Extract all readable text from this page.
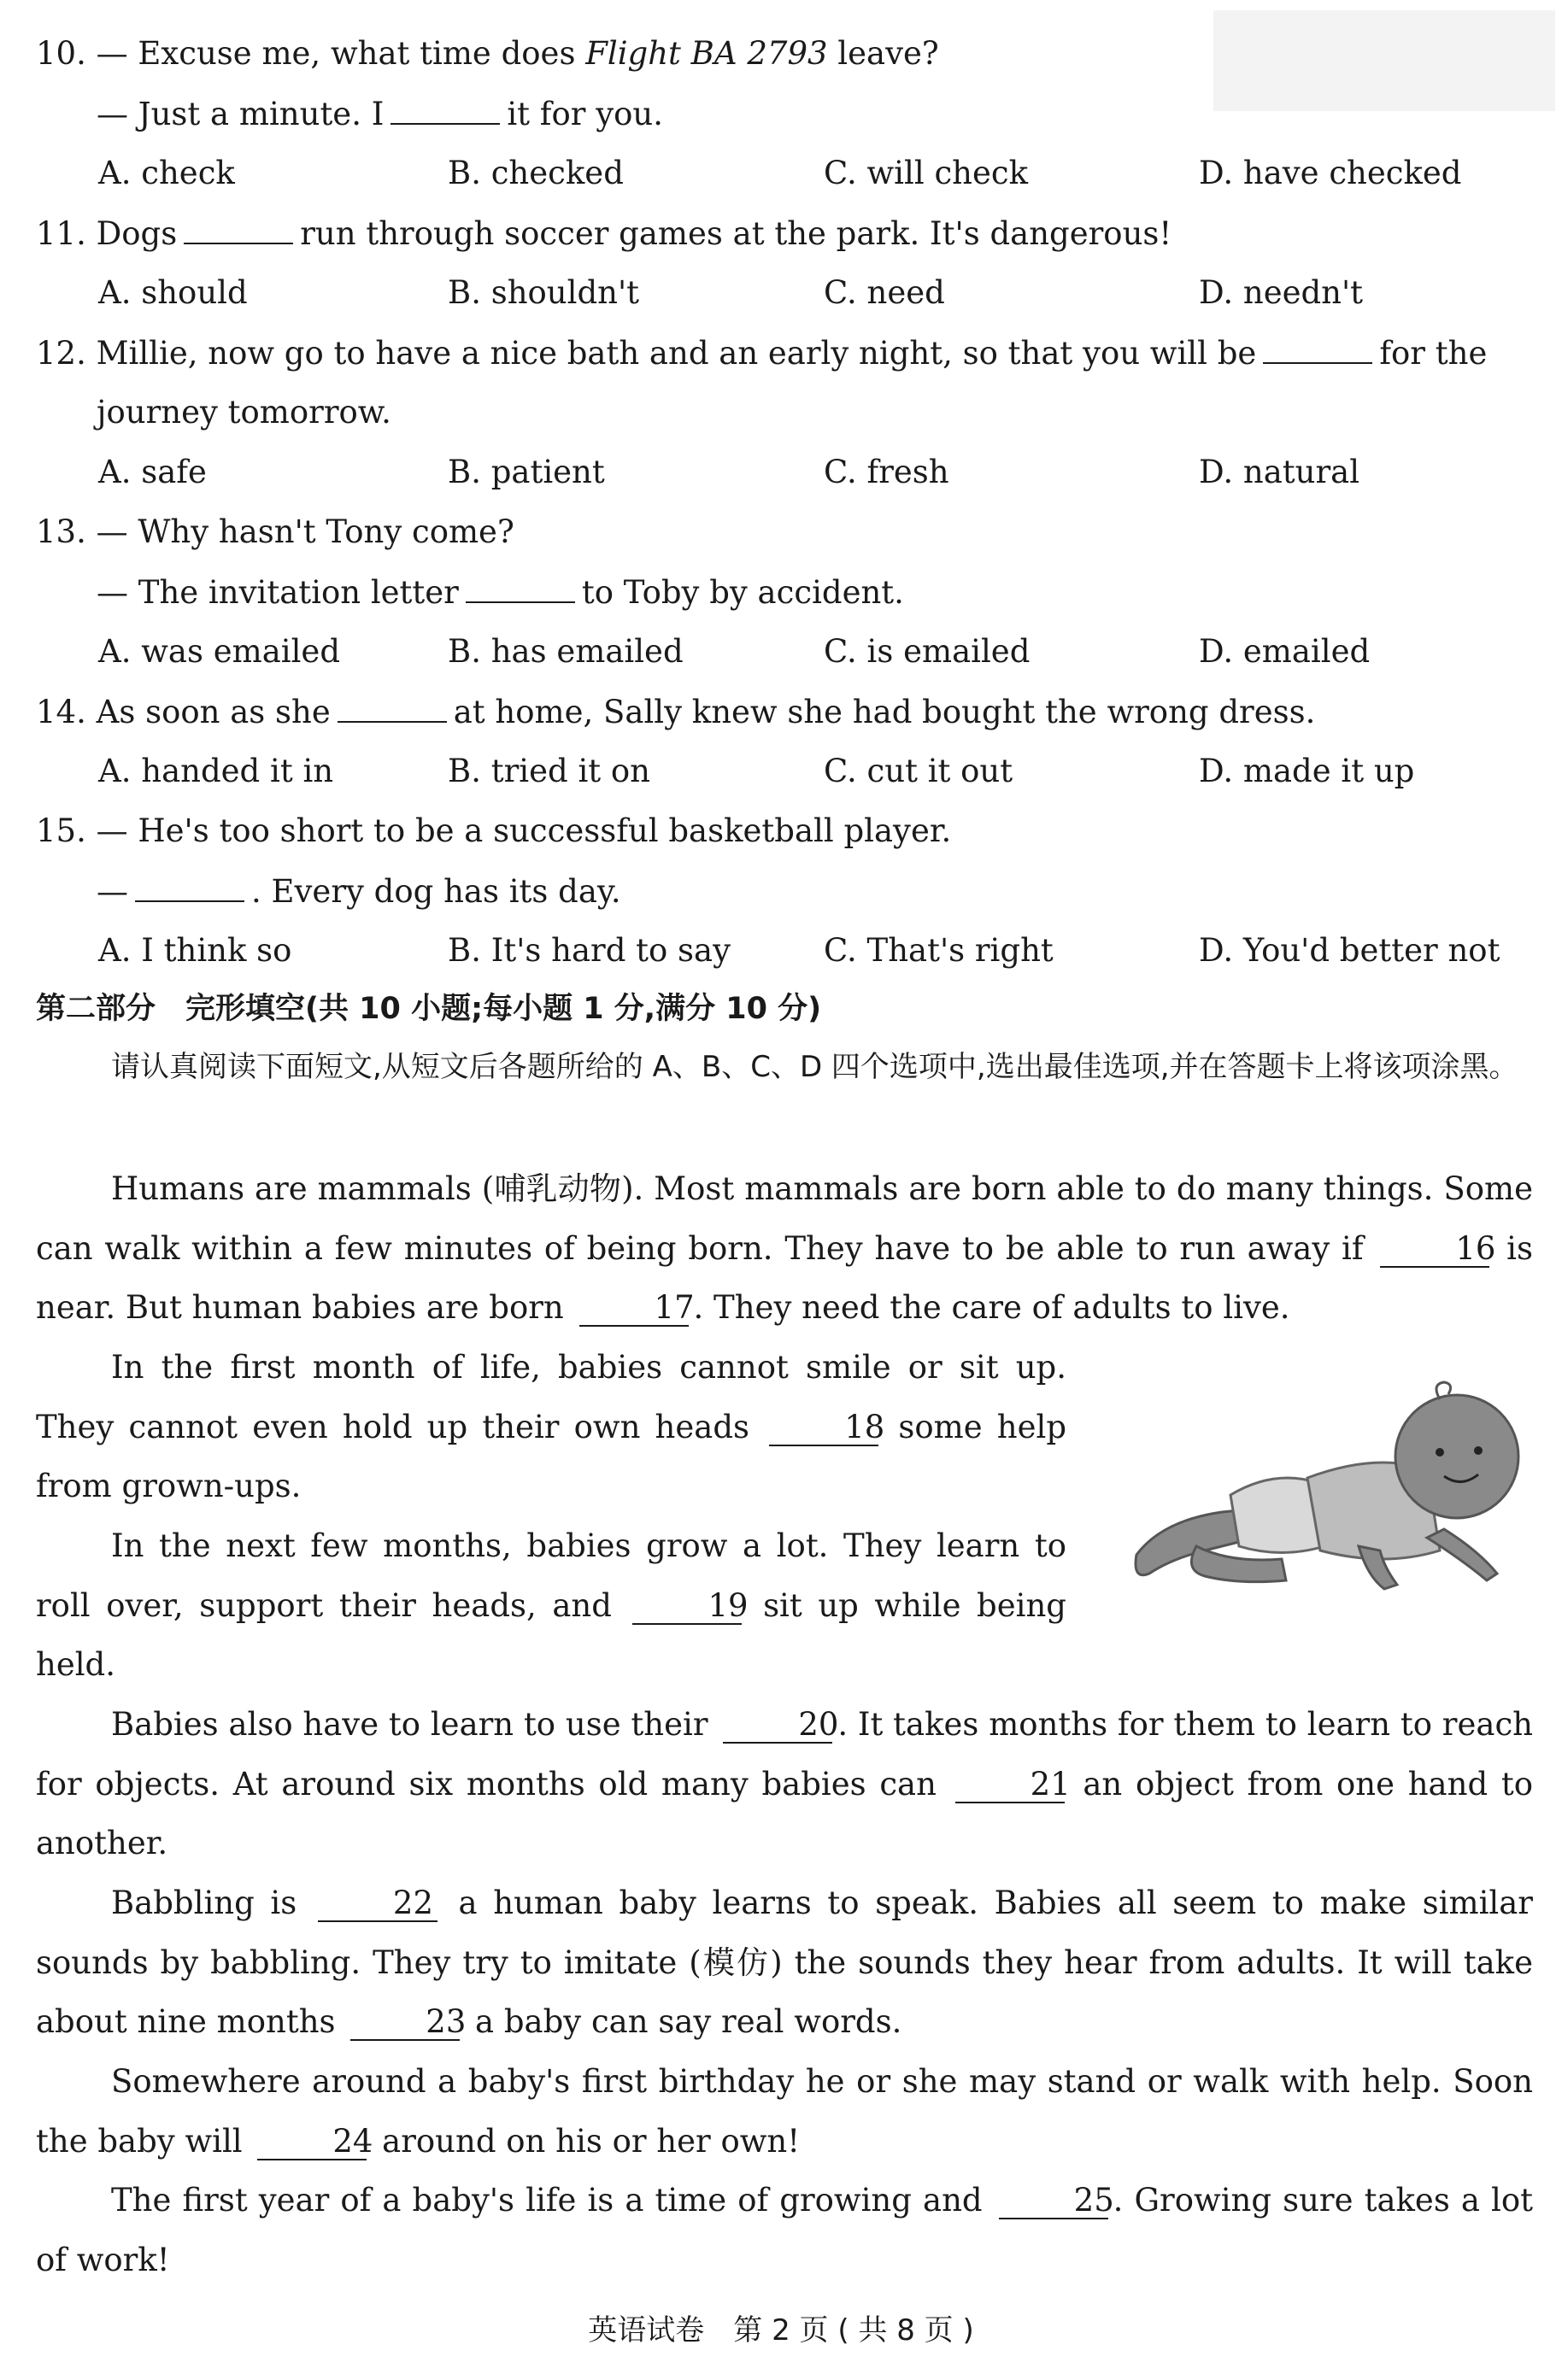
10. — Excuse me, what time does Flight BA 2793 leave?
— Just a minute. I	it for you.
A. check	B. checked	C. will check	D. have checked
11. Dogs	run through soccer games at the park. It's dangerous!
A. should	B. shouldn't	C. need	D. needn't
12. Millie, now go to have a nice bath and an early night, so that you will be	for the
journey tomorrow.
A. safe	B. patient	C. fresh	D. natural
13. — Why hasn't Tony come?
— The invitation letter	to Toby by accident.
A. was emailed	B. has emailed	C. is emailed	D. emailed
14. As soon as she	at home, Sally knew she had bought the wrong dress.
A. handed it in	B. tried it on	C. cut it out	D. made it up
15. — He's too short to be a successful basketball player.
—	. Every dog has its day.
A. I think so	B. It's hard to say	C. That's right	D. You'd better not
第二部分　完形填空(共 10 小题;每小题 1 分,满分 10 分)
请认真阅读下面短文,从短文后各题所给的 A、B、C、D 四个选项中,选出最佳选项,并在答题卡上将该项涂黑。
Humans are mammals (哺乳动物). Most mammals are born able to do many things. Some can walk within a few minutes of being born. They have to be able to run away if	16 is near. But human babies are born	17. They need the care of adults to live.
In the first month of life, babies cannot smile or sit up. They cannot even hold up their own heads	18 some help from grown-ups.
In the next few months, babies grow a lot. They learn to roll over, support their heads, and	19 sit up while being held.
Babies also have to learn to use their	20. It takes months for them to learn to reach for objects. At around six months old many babies can	21 an object from one hand to another.
Babbling is	22 a human baby learns to speak. Babies all seem to make similar sounds by babbling. They try to imitate (模仿) the sounds they hear from adults. It will take about nine months	23 a baby can say real words.
Somewhere around a baby's first birthday he or she may stand or walk with help. Soon the baby will	24 around on his or her own!
The first year of a baby's life is a time of growing and	25. Growing sure takes a lot of work!
英语试卷　第 2 页 ( 共 8 页 )
